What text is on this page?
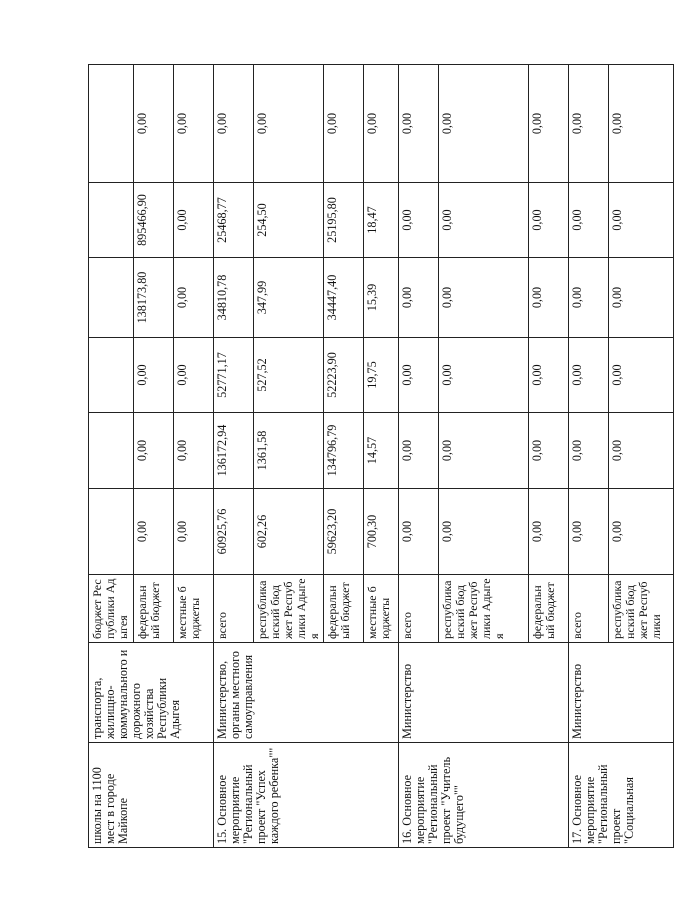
школы на 1100 мест в городе Майкопе	транспорта, жилищно-коммунального и дорожного хозяйства Республики Адыгея	бюджет Республики Адыгея						
		федеральный бюджет	0,00	0,00	0,00	138173,80	895466,90	0,00
		местные бюджеты	0,00	0,00	0,00	0,00	0,00	0,00
15. Основное мероприятие "Региональный проект "Успех каждого ребенка""	Министерство, органы местного самоуправления	всего	60925,76	136172,94	52771,17	34810,78	25468,77	0,00
		республиканский бюджет Республики Адыгея	602,26	1361,58	527,52	347,99	254,50	0,00
		федеральный бюджет	59623,20	134796,79	52223,90	34447,40	25195,80	0,00
		местные бюджеты	700,30	14,57	19,75	15,39	18,47	0,00
16. Основное мероприятие "Региональный проект "Учитель будущего""	Министерство	всего	0,00	0,00	0,00	0,00	0,00	0,00
		республиканский бюджет Республики Адыгея	0,00	0,00	0,00	0,00	0,00	0,00
		федеральный бюджет	0,00	0,00	0,00	0,00	0,00	0,00
17. Основное мероприятие "Региональный проект "Социальная	Министерство	всего	0,00	0,00	0,00	0,00	0,00	0,00
		республиканский бюджет Республики	0,00	0,00	0,00	0,00	0,00	0,00
